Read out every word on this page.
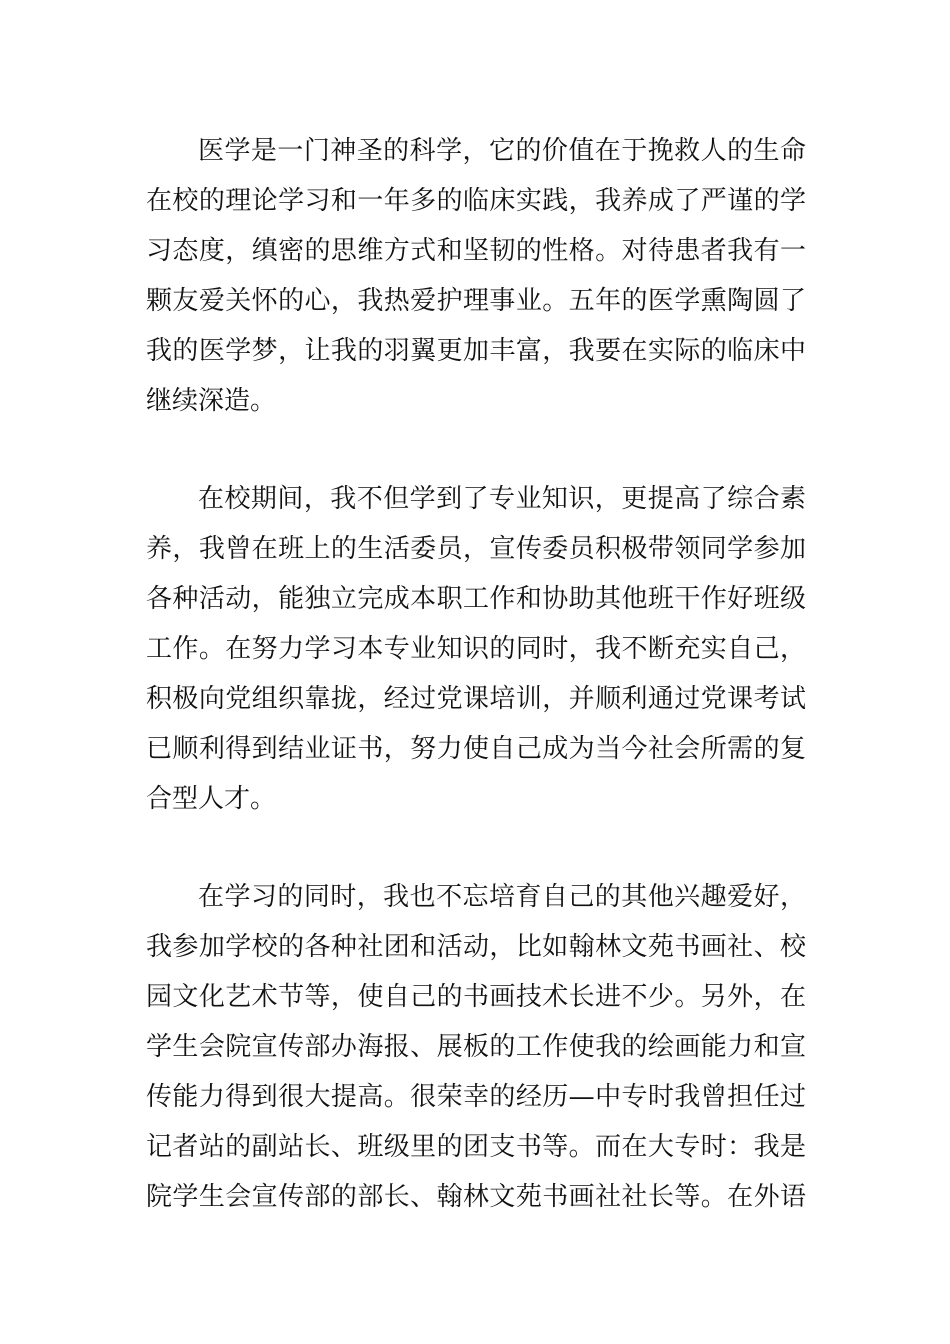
医学是一门神圣的科学，它的价值在于挽救人的生命
在校的理论学习和一年多的临床实践，我养成了严谨的学
习态度，缜密的思维方式和坚韧的性格。对待患者我有一
颗友爱关怀的心，我热爱护理事业。五年的医学熏陶圆了
我的医学梦，让我的羽翼更加丰富，我要在实际的临床中
继续深造。

在校期间，我不但学到了专业知识，更提高了综合素
养，我曾在班上的生活委员，宣传委员积极带领同学参加
各种活动，能独立完成本职工作和协助其他班干作好班级
工作。在努力学习本专业知识的同时，我不断充实自己，
积极向党组织靠拢，经过党课培训，并顺利通过党课考试
已顺利得到结业证书，努力使自己成为当今社会所需的复
合型人才。

在学习的同时，我也不忘培育自己的其他兴趣爱好，
我参加学校的各种社团和活动，比如翰林文苑书画社、校
园文化艺术节等，使自己的书画技术长进不少。另外，在
学生会院宣传部办海报、展板的工作使我的绘画能力和宣
传能力得到很大提高。很荣幸的经历—中专时我曾担任过
记者站的副站长、班级里的团支书等。而在大专时：我是
院学生会宣传部的部长、翰林文苑书画社社长等。在外语
